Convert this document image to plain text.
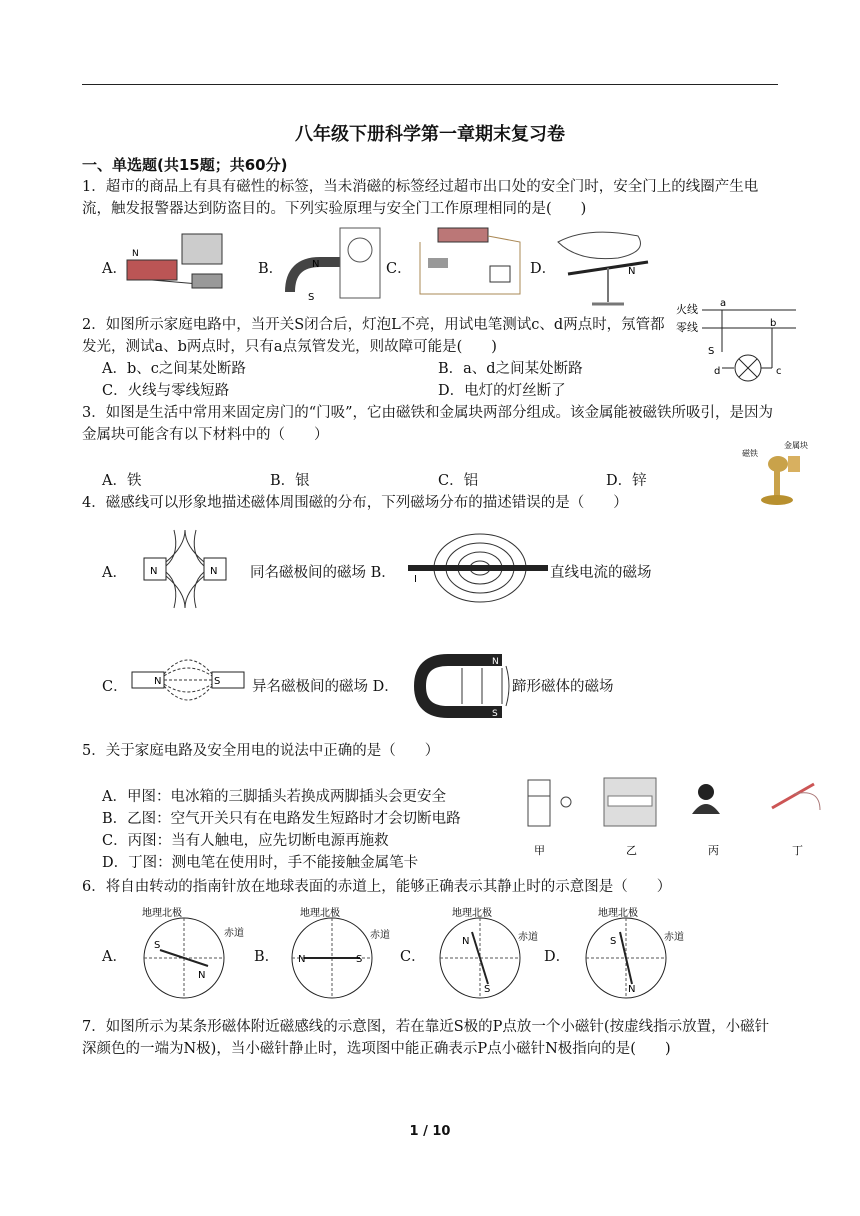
八年级下册科学第一章期末复习卷
一、单选题(共15题；共60分)
1．超市的商品上有具有磁性的标签，当未消磁的标签经过超市出口处的安全门时，安全门上的线圈产生电流，触发报警器达到防盗目的。下列实验原理与安全门工作原理相同的是(　　)
A．
N
B．	N
S
C．	D．	N
2．如图所示家庭电路中，当开关S闭合后，灯泡L不亮，用试电笔测试c、d两点时，氖管都发光，测试a、b两点时，只有a点氖管发光，则故障可能是(　　)
A．b、c之间某处断路	B．a、d之间某处断路
C．火线与零线短路	D．电灯的灯丝断了
火线
零线
a
b
S
d	c
3．如图是生活中常用来固定房门的“门吸”，它由磁铁和金属块两部分组成。该金属能被磁铁所吸引，是因为金属块可能含有以下材料中的（　　）
A．铁	B．银	C．铝	D．锌
磁铁
金属块
4．磁感线可以形象地描述磁体周围磁的分布，下列磁场分布的描述错误的是（　　）
A． N	N 同名磁极间的磁场 B． I	直线电流的磁场
C．	N	S 异名磁极间的磁场 D．
N
S
蹄形磁体的磁场
5．关于家庭电路及安全用电的说法中正确的是（　　）
A．甲图：电冰箱的三脚插头若换成两脚插头会更安全
B．乙图：空气开关只有在电路发生短路时才会切断电路
C．丙图：当有人触电，应先切断电源再施救
D．丁图：测电笔在使用时，手不能接触金属笔卡
甲	乙	丙	丁
6．将自由转动的指南针放在地球表面的赤道上，能够正确表示其静止时的示意图是（　　）
A．
地理北极
S
N
赤道
B．
地理北极
N	S
赤道
C．
地理北极
N
S
赤道
D．
地理北极
S
N
赤道
7．如图所示为某条形磁体附近磁感线的示意图，若在靠近S极的P点放一个小磁针(按虚线指示放置，小磁针深颜色的一端为N极)，当小磁针静止时，选项图中能正确表示P点小磁针N极指向的是(　　)
1 / 10
